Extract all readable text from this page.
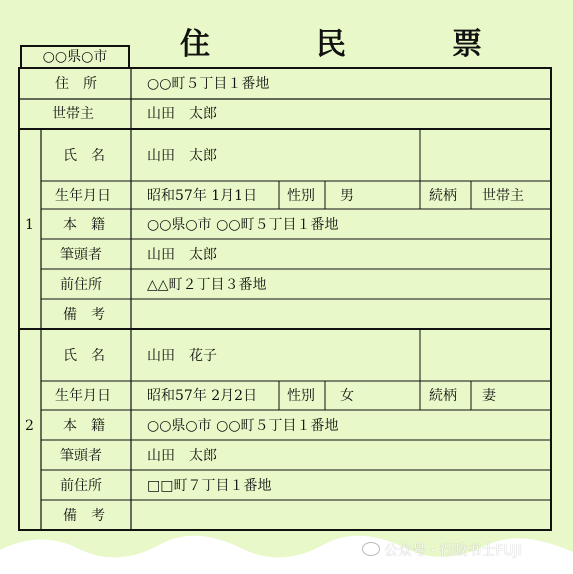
住　民　票
○○県○市
住　所	○○町５丁目１番地
世帯主	山田　太郎
1
氏　名	山田　太郎
生年月日	昭和57年 1月1日 性別 男	続柄 世帯主
本　籍	○○県○市 ○○町５丁目１番地
筆頭者	山田　太郎
前住所	△△町２丁目３番地
備　考
2
氏　名	山田　花子
生年月日	昭和57年 2月2日 性別 女	続柄 妻
本　籍	○○県○市 ○○町５丁目１番地
筆頭者	山田　太郎
前住所	□□町７丁目１番地
備　考
公众号 · 行政书士FUJI
